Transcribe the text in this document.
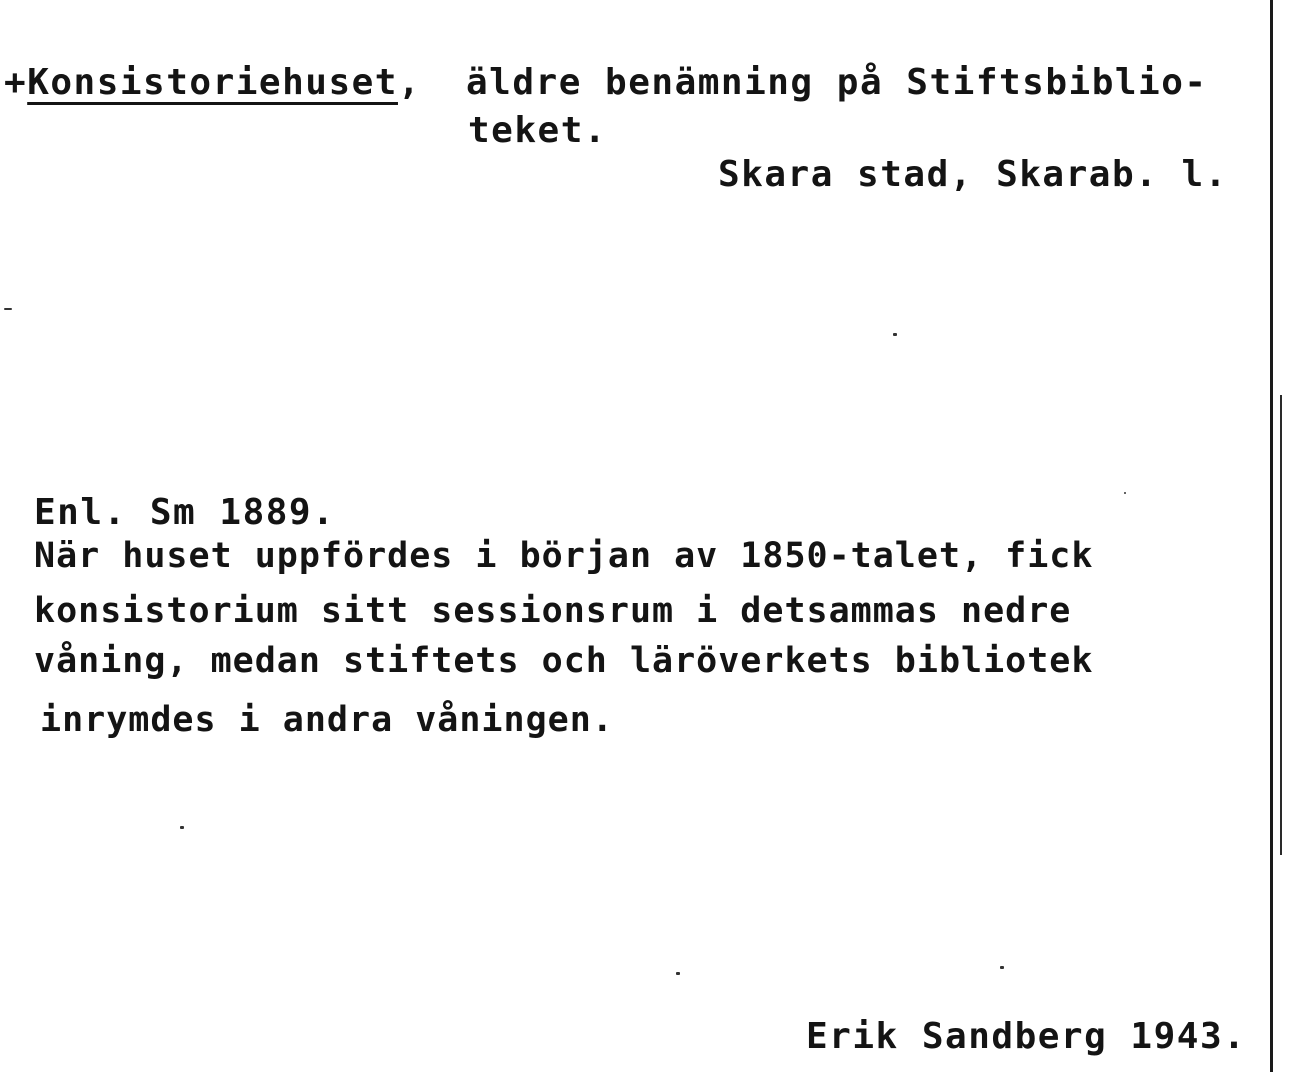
+Konsistoriehuset, äldre benämning på Stiftsbiblio-
teket.
Skara stad, Skarab. l.
Enl. Sm 1889.
När huset uppfördes i början av 1850-talet, fick
konsistorium sitt sessionsrum i detsammas nedre
våning, medan stiftets och läröverkets bibliotek
inrymdes i andra våningen.
Erik Sandberg 1943.
